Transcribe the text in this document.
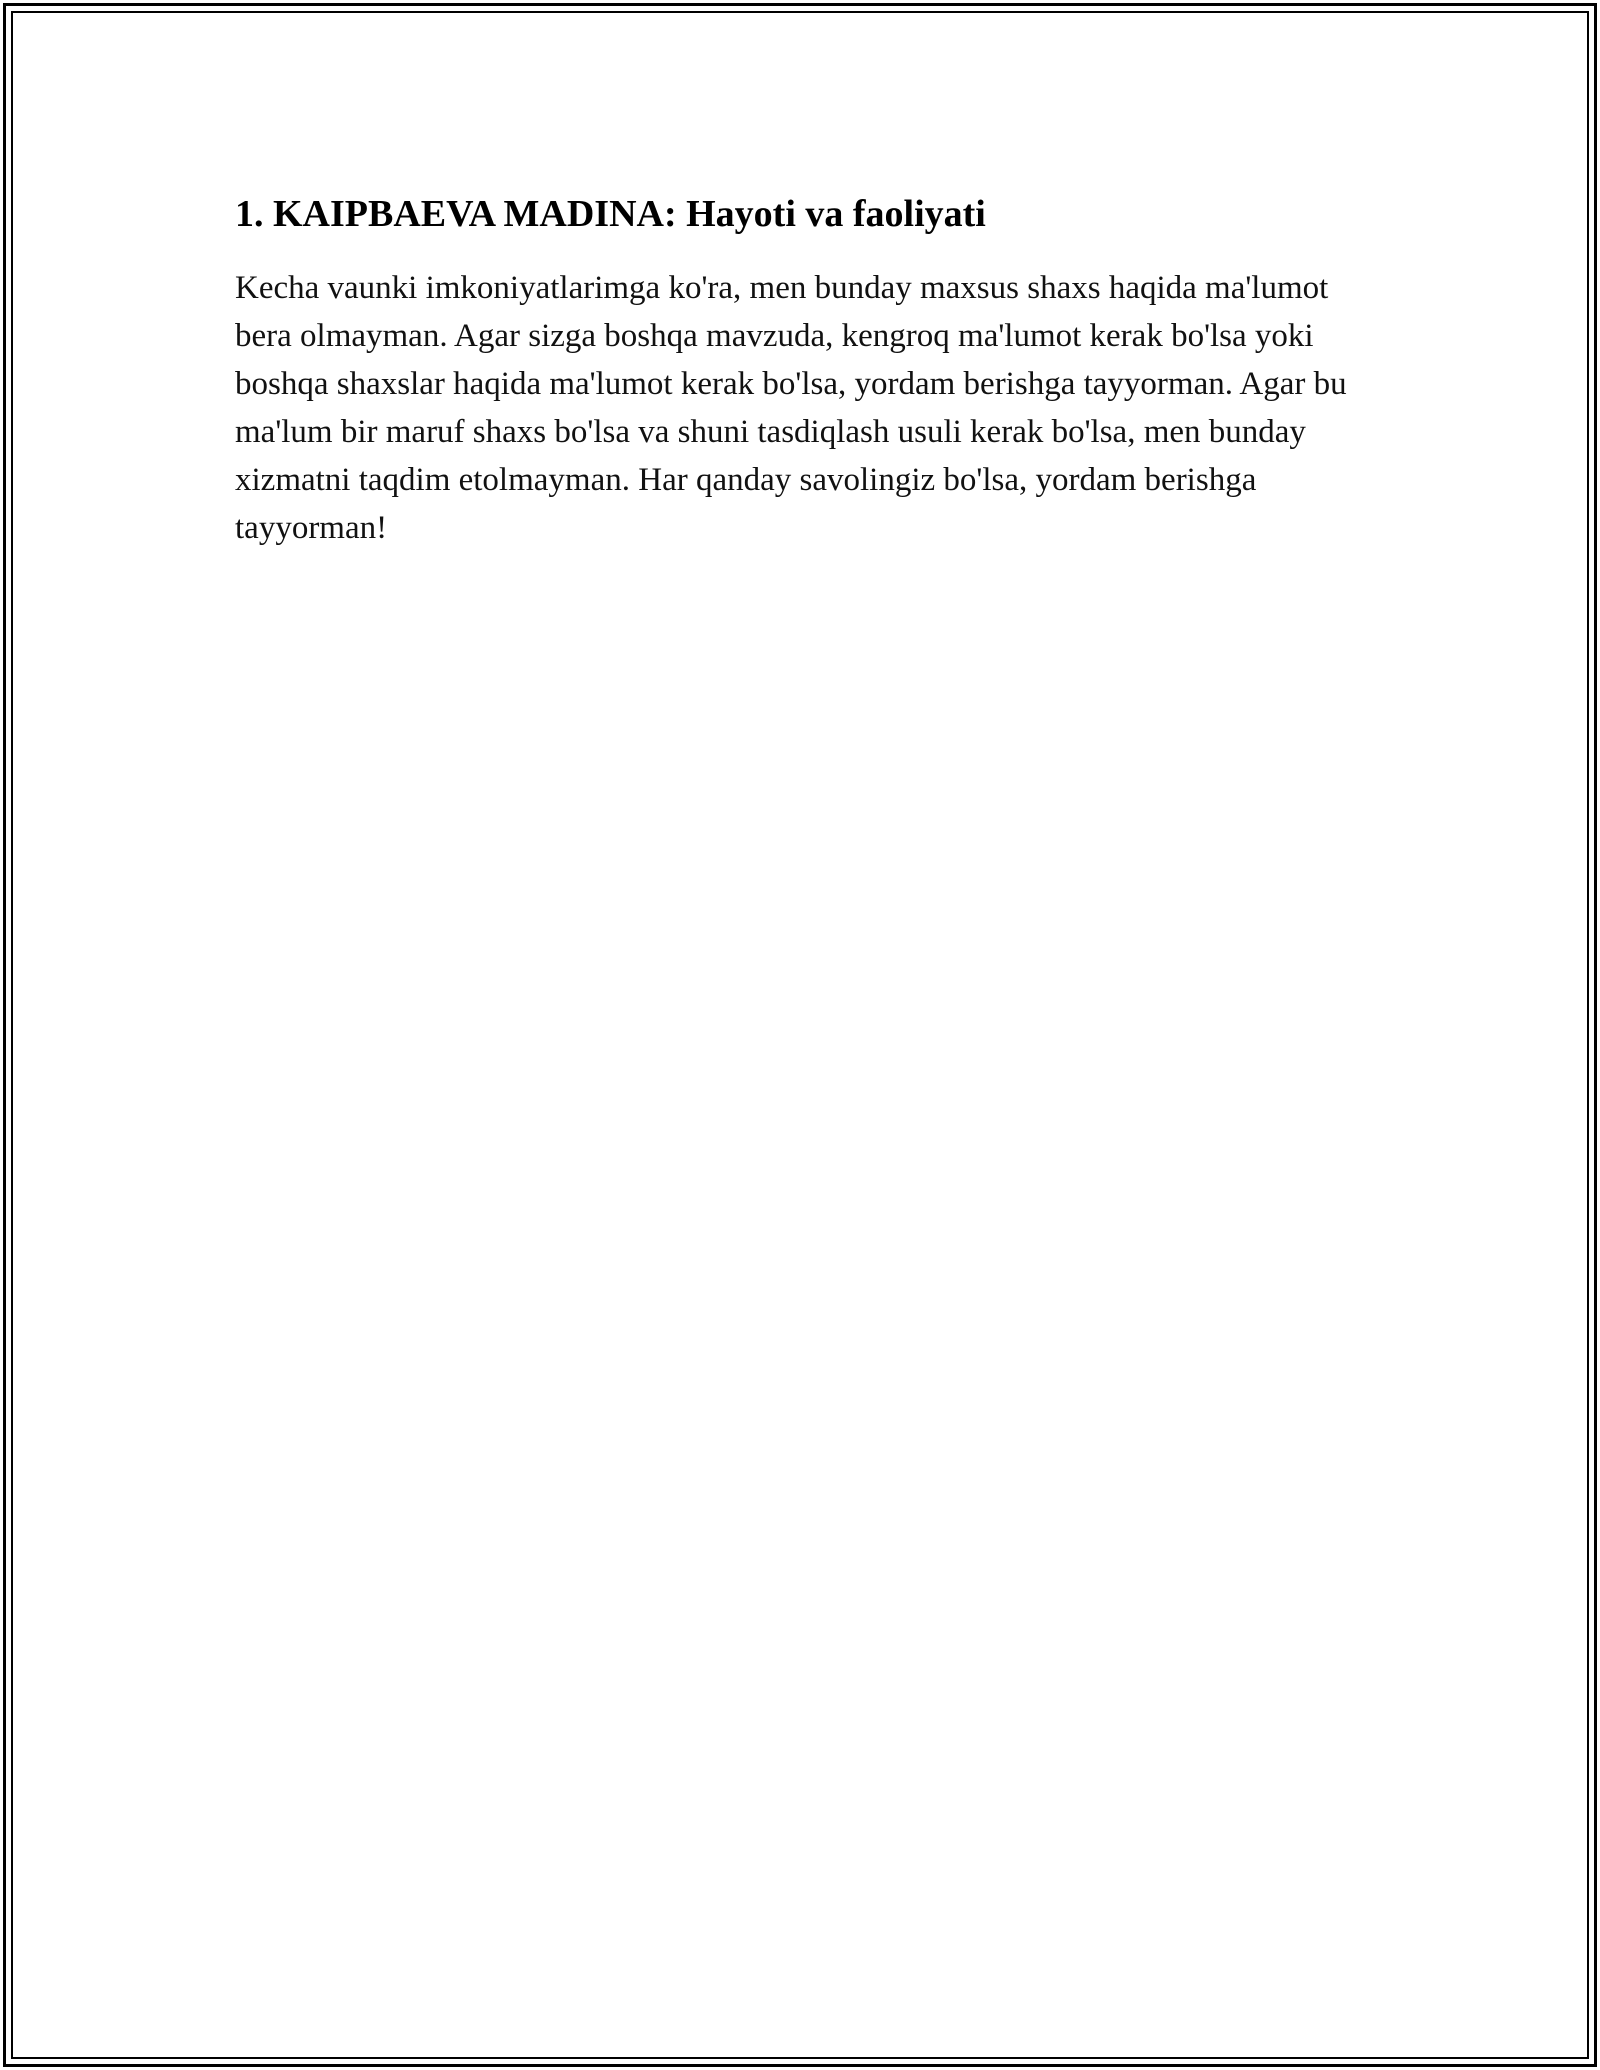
1. KAIPBAEVA MADINA: Hayoti va faoliyati

Kecha vaunki imkoniyatlarimga ko'ra, men bunday maxsus shaxs haqida ma'lumot bera olmayman. Agar sizga boshqa mavzuda, kengroq ma'lumot kerak bo'lsa yoki boshqa shaxslar haqida ma'lumot kerak bo'lsa, yordam berishga tayyorman. Agar bu ma'lum bir maruf shaxs bo'lsa va shuni tasdiqlash usuli kerak bo'lsa, men bunday xizmatni taqdim etolmayman. Har qanday savolingiz bo'lsa, yordam berishga tayyorman!
